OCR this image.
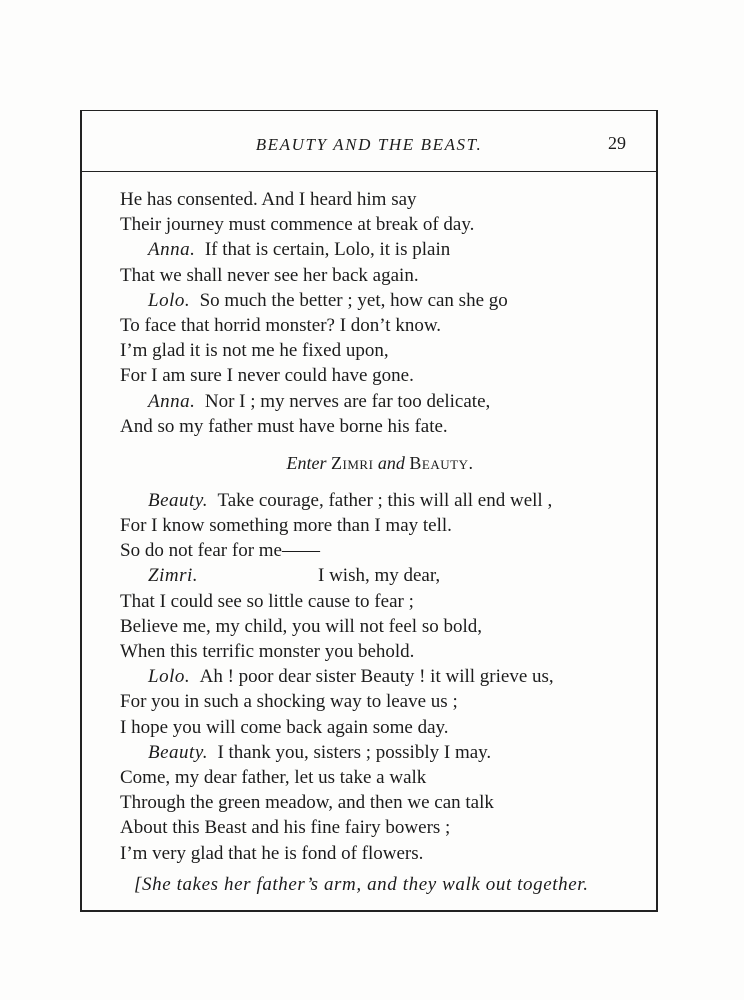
BEAUTY AND THE BEAST.	29
He has consented. And I heard him say
Their journey must commence at break of day.
Anna. If that is certain, Lolo, it is plain
That we shall never see her back again.
Lolo. So much the better ; yet, how can she go
To face that horrid monster? I don’t know.
I’m glad it is not me he fixed upon,
For I am sure I never could have gone.
Anna. Nor I ; my nerves are far too delicate,
And so my father must have borne his fate.
Enter Zimri and Beauty.
Beauty. Take courage, father ; this will all end well ,
For I know something more than I may tell.
So do not fear for me——
Zimri.	I wish, my dear,
That I could see so little cause to fear ;
Believe me, my child, you will not feel so bold,
When this terrific monster you behold.
Lolo. Ah ! poor dear sister Beauty ! it will grieve us,
For you in such a shocking way to leave us ;
I hope you will come back again some day.
Beauty. I thank you, sisters ; possibly I may.
Come, my dear father, let us take a walk
Through the green meadow, and then we can talk
About this Beast and his fine fairy bowers ;
I’m very glad that he is fond of flowers.
[She takes her father’s arm, and they walk out together.
